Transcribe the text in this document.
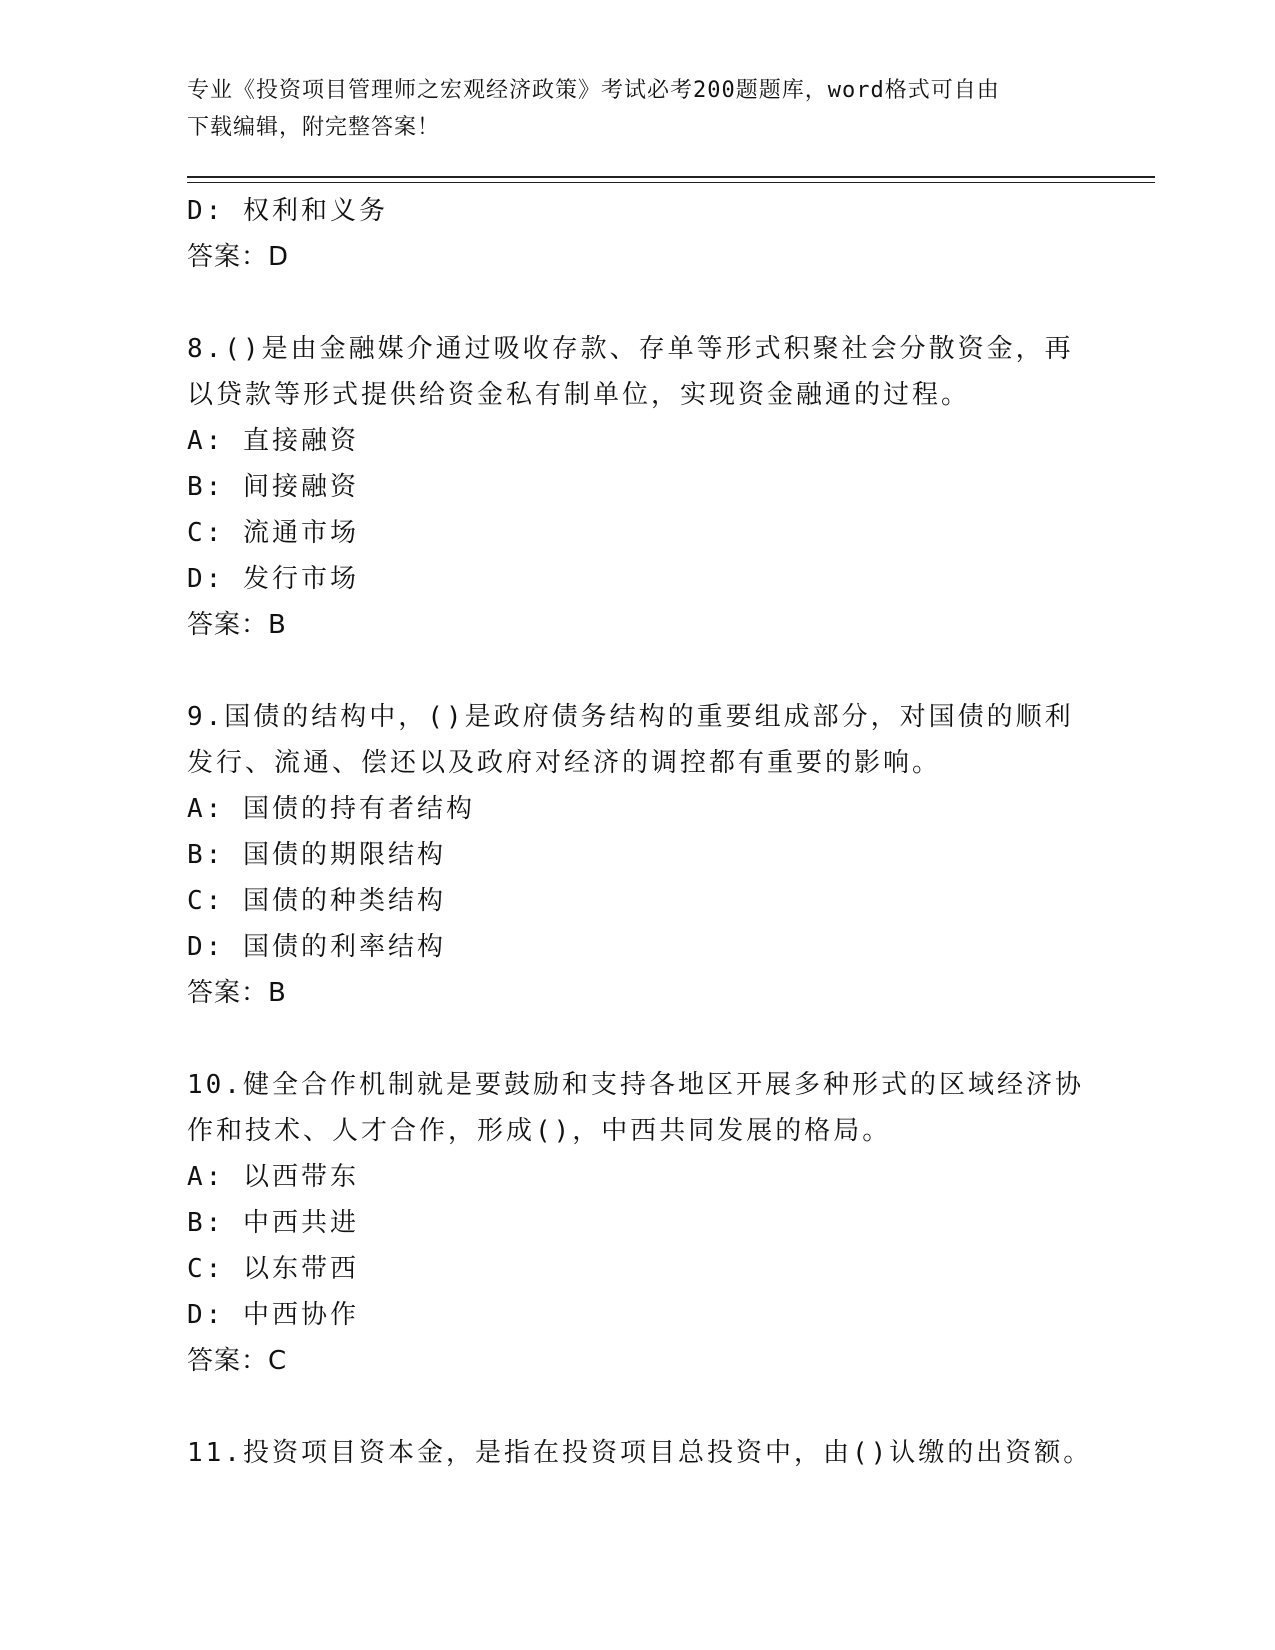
专业《投资项目管理师之宏观经济政策》考试必考200题题库，word格式可自由
下载编辑，附完整答案！
D: 权利和义务
答案：D
8.()是由金融媒介通过吸收存款、存单等形式积聚社会分散资金，再
以贷款等形式提供给资金私有制单位，实现资金融通的过程。
A: 直接融资
B: 间接融资
C: 流通市场
D: 发行市场
答案：B
9.国债的结构中，()是政府债务结构的重要组成部分，对国债的顺利
发行、流通、偿还以及政府对经济的调控都有重要的影响。
A: 国债的持有者结构
B: 国债的期限结构
C: 国债的种类结构
D: 国债的利率结构
答案：B
10.健全合作机制就是要鼓励和支持各地区开展多种形式的区域经济协
作和技术、人才合作，形成()，中西共同发展的格局。
A: 以西带东
B: 中西共进
C: 以东带西
D: 中西协作
答案：C
11.投资项目资本金，是指在投资项目总投资中，由()认缴的出资额。
